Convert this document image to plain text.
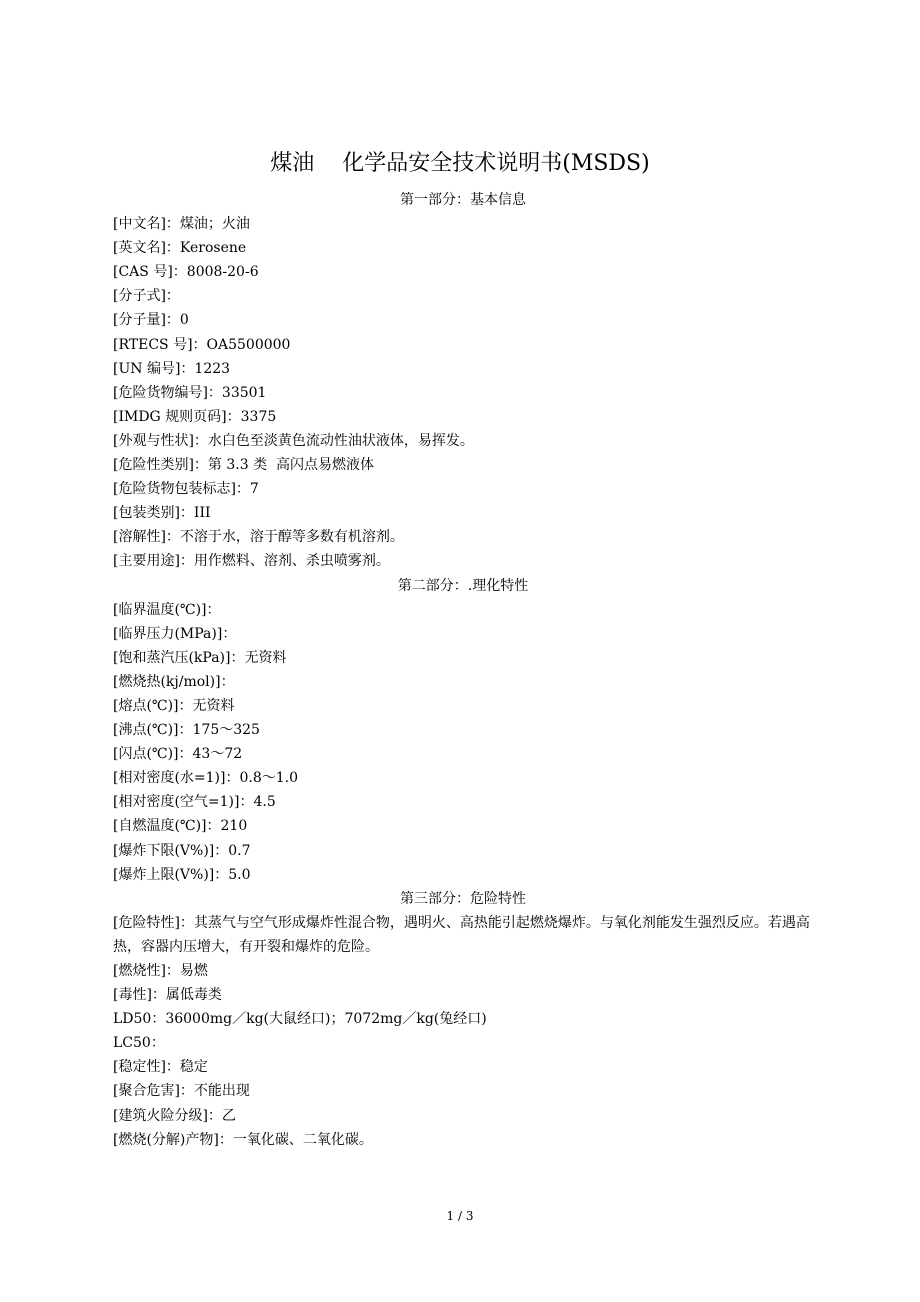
煤油    化学品安全技术说明书(MSDS)
第一部分：基本信息
[中文名]：煤油；火油
[英文名]：Kerosene
[CAS 号]：8008-20-6
[分子式]：
[分子量]：0
[RTECS 号]：OA5500000
[UN 编号]：1223
[危险货物编号]：33501
[IMDG 规则页码]：3375
[外观与性状]：水白色至淡黄色流动性油状液体，易挥发。
[危险性类别]：第 3.3 类  高闪点易燃液体
[危险货物包装标志]：7
[包装类别]：III
[溶解性]：不溶于水，溶于醇等多数有机溶剂。
[主要用途]：用作燃料、溶剂、杀虫喷雾剂。
第二部分：.理化特性
[临界温度(℃)]：
[临界压力(MPa)]：
[饱和蒸汽压(kPa)]：无资料
[燃烧热(kj/mol)]：
[熔点(℃)]：无资料
[沸点(℃)]：175～325
[闪点(℃)]：43～72
[相对密度(水=1)]：0.8～1.0
[相对密度(空气=1)]：4.5
[自燃温度(℃)]：210
[爆炸下限(V%)]：0.7
[爆炸上限(V%)]：5.0
第三部分：危险特性
[危险特性]：其蒸气与空气形成爆炸性混合物，遇明火、高热能引起燃烧爆炸。与氧化剂能发生强烈反应。若遇高热，容器内压增大，有开裂和爆炸的危险。
[燃烧性]：易燃
[毒性]：属低毒类
LD50：36000mg／kg(大鼠经口)；7072mg／kg(兔经口)
LC50：
[稳定性]：稳定
[聚合危害]：不能出现
[建筑火险分级]：乙
[燃烧(分解)产物]：一氧化碳、二氧化碳。
1 / 3
